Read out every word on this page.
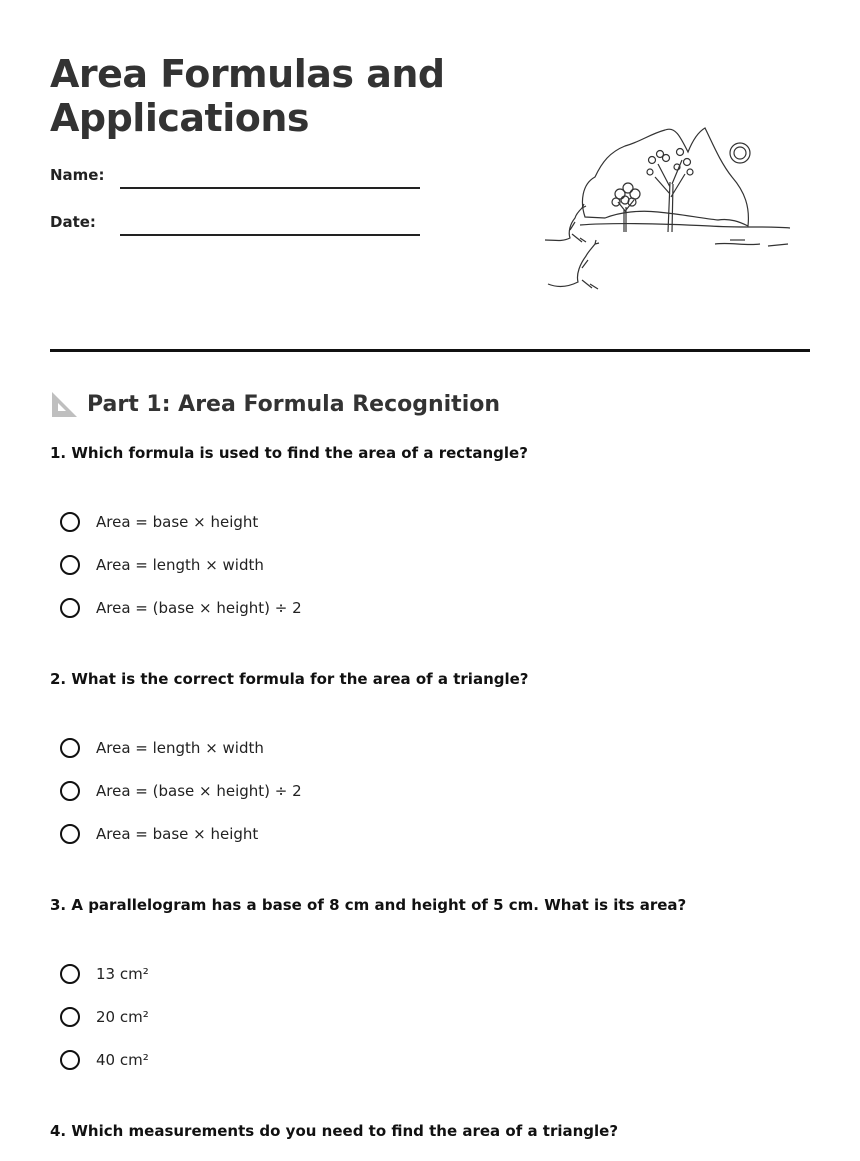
Area Formulas and Applications
Name:
Date:
Part 1: Area Formula Recognition
1. Which formula is used to find the area of a rectangle?
Area = base × height
Area = length × width
Area = (base × height) ÷ 2
2. What is the correct formula for the area of a triangle?
Area = length × width
Area = (base × height) ÷ 2
Area = base × height
3. A parallelogram has a base of 8 cm and height of 5 cm. What is its area?
13 cm²
20 cm²
40 cm²
4. Which measurements do you need to find the area of a triangle?
